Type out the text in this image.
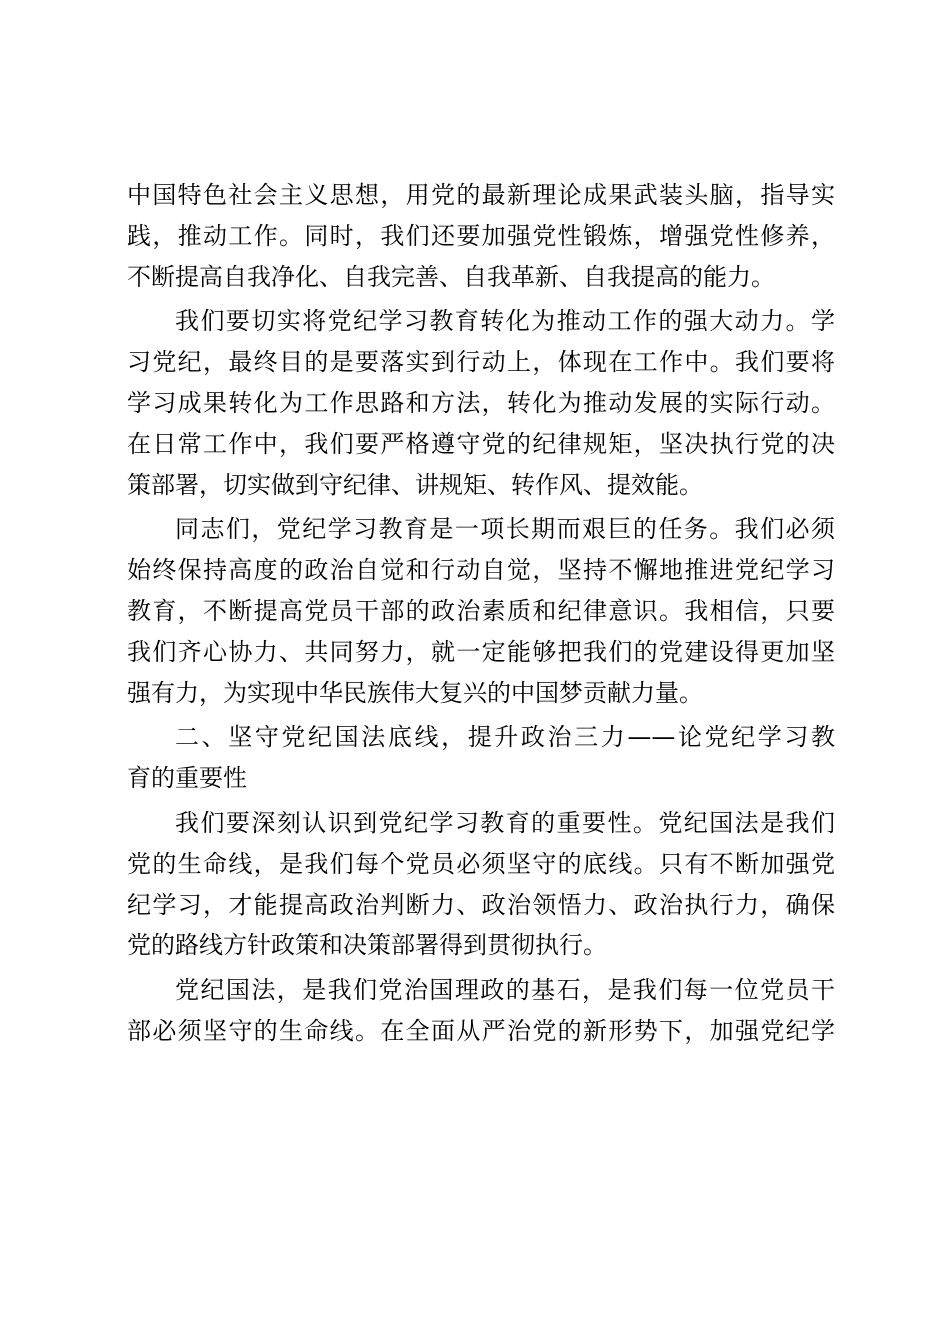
中国特色社会主义思想，用党的最新理论成果武装头脑，指导实
践，推动工作。同时，我们还要加强党性锻炼，增强党性修养，
不断提高自我净化、自我完善、自我革新、自我提高的能力。
我们要切实将党纪学习教育转化为推动工作的强大动力。学
习党纪，最终目的是要落实到行动上，体现在工作中。我们要将
学习成果转化为工作思路和方法，转化为推动发展的实际行动。
在日常工作中，我们要严格遵守党的纪律规矩，坚决执行党的决
策部署，切实做到守纪律、讲规矩、转作风、提效能。
同志们，党纪学习教育是一项长期而艰巨的任务。我们必须
始终保持高度的政治自觉和行动自觉，坚持不懈地推进党纪学习
教育，不断提高党员干部的政治素质和纪律意识。我相信，只要
我们齐心协力、共同努力，就一定能够把我们的党建设得更加坚
强有力，为实现中华民族伟大复兴的中国梦贡献力量。
二、坚守党纪国法底线，提升政治三力——论党纪学习教
育的重要性
我们要深刻认识到党纪学习教育的重要性。党纪国法是我们
党的生命线，是我们每个党员必须坚守的底线。只有不断加强党
纪学习，才能提高政治判断力、政治领悟力、政治执行力，确保
党的路线方针政策和决策部署得到贯彻执行。
党纪国法，是我们党治国理政的基石，是我们每一位党员干
部必须坚守的生命线。在全面从严治党的新形势下，加强党纪学
